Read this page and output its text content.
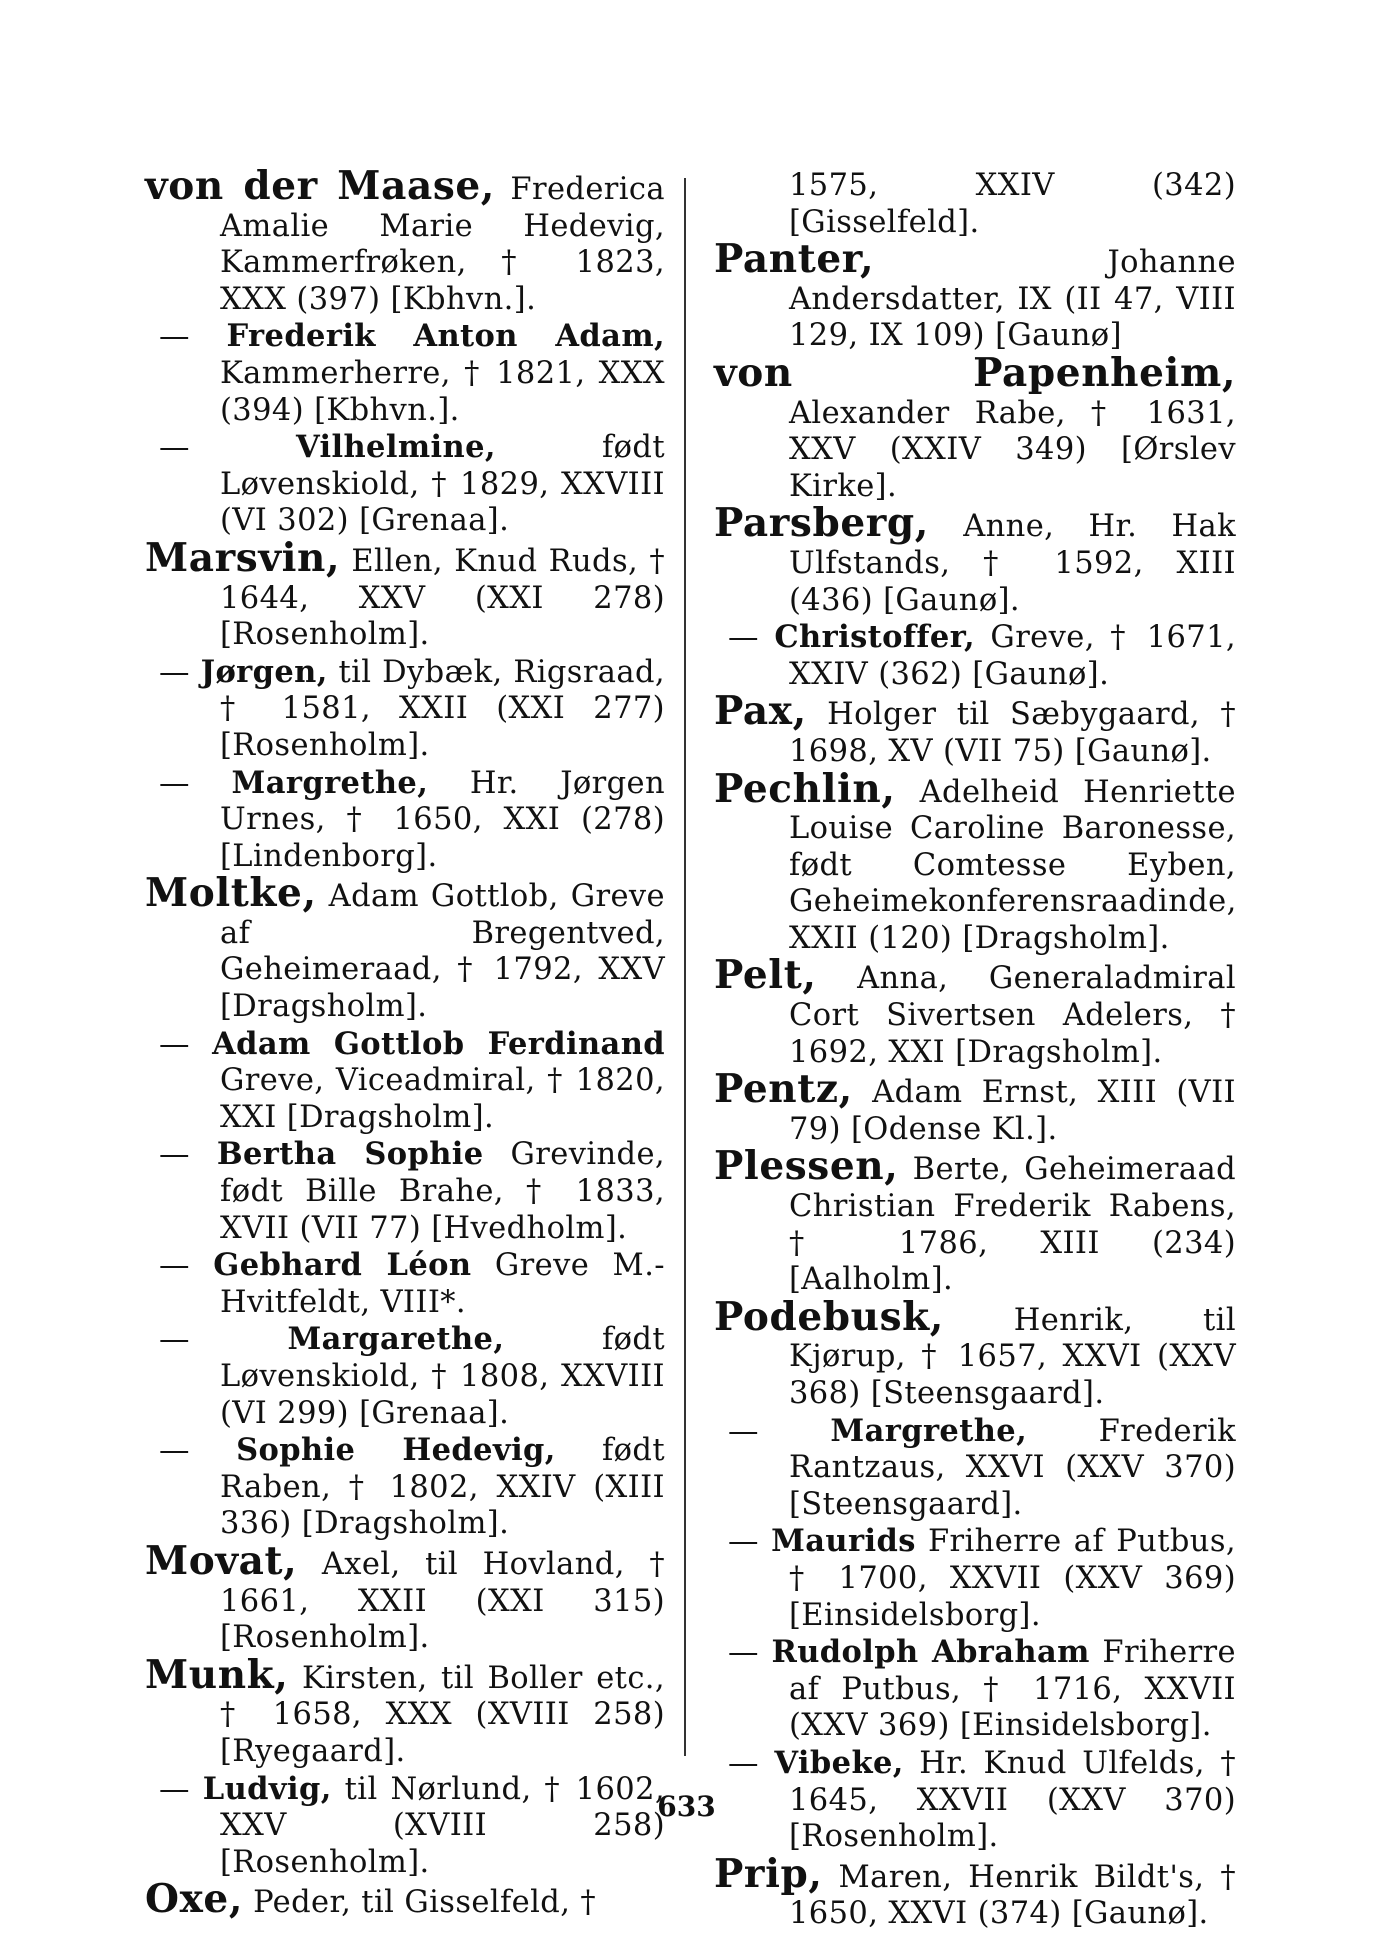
von der Maase, Frederica Amalie Marie Hedevig, Kammerfrøken, † 1823, XXX (397) [Kbhvn.].

— Frederik Anton Adam, Kammerherre, † 1821, XXX (394) [Kbhvn.].

— Vilhelmine, født Løvenskiold, † 1829, XXVIII (VI 302) [Grenaa].

Marsvin, Ellen, Knud Ruds, † 1644, XXV (XXI 278) [Rosenholm].

— Jørgen, til Dybæk, Rigsraad, † 1581, XXII (XXI 277) [Rosenholm].

— Margrethe, Hr. Jørgen Urnes, † 1650, XXI (278) [Lindenborg].

Moltke, Adam Gottlob, Greve af Bregentved, Geheimeraad, † 1792, XXV [Dragsholm].

— Adam Gottlob Ferdinand Greve, Viceadmiral, † 1820, XXI [Dragsholm].

— Bertha Sophie Grevinde, født Bille Brahe, † 1833, XVII (VII 77) [Hvedholm].

— Gebhard Léon Greve M.-Hvitfeldt, VIII*.

— Margarethe, født Løvenskiold, † 1808, XXVIII (VI 299) [Grenaa].

— Sophie Hedevig, født Raben, † 1802, XXIV (XIII 336) [Dragsholm].

Movat, Axel, til Hovland, † 1661, XXII (XXI 315) [Rosenholm].

Munk, Kirsten, til Boller etc., † 1658, XXX (XVIII 258) [Ryegaard].

— Ludvig, til Nørlund, † 1602, XXV (XVIII 258) [Rosenholm].

Oxe, Peder, til Gisselfeld, †

1575, XXIV (342) [Gisselfeld].

Panter, Johanne Andersdatter, IX (II 47, VIII 129, IX 109) [Gaunø]

von Papenheim, Alexander Rabe, † 1631, XXV (XXIV 349) [Ørslev Kirke].

Parsberg, Anne, Hr. Hak Ulfstands, † 1592, XIII (436) [Gaunø].

— Christoffer, Greve, † 1671, XXIV (362) [Gaunø].

Pax, Holger til Sæbygaard, † 1698, XV (VII 75) [Gaunø].

Pechlin, Adelheid Henriette Louise Caroline Baronesse, født Comtesse Eyben, Geheimekonferensraadinde, XXII (120) [Dragsholm].

Pelt, Anna, Generaladmiral Cort Sivertsen Adelers, † 1692, XXI [Dragsholm].

Pentz, Adam Ernst, XIII (VII 79) [Odense Kl.].

Plessen, Berte, Geheimeraad Christian Frederik Rabens, † 1786, XIII (234) [Aalholm].

Podebusk, Henrik, til Kjørup, † 1657, XXVI (XXV 368) [Steensgaard].

— Margrethe, Frederik Rantzaus, XXVI (XXV 370) [Steensgaard].

— Maurids Friherre af Putbus, † 1700, XXVII (XXV 369) [Einsidelsborg].

— Rudolph Abraham Friherre af Putbus, † 1716, XXVII (XXV 369) [Einsidelsborg].

— Vibeke, Hr. Knud Ulfelds, † 1645, XXVII (XXV 370) [Rosenholm].

Prip, Maren, Henrik Bildt's, † 1650, XXVI (374) [Gaunø].

633
